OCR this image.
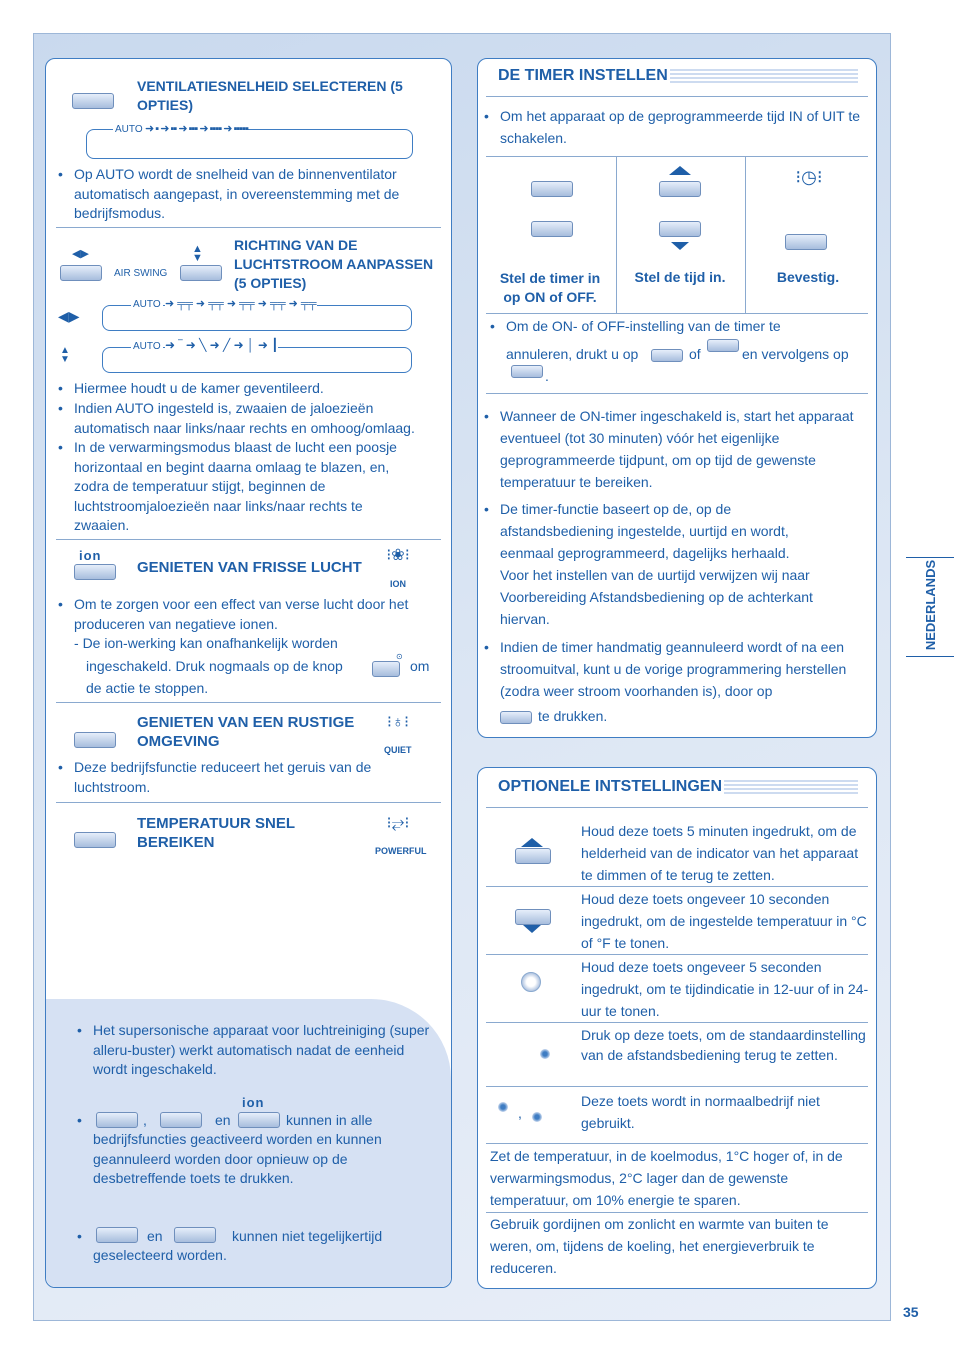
NEDERLANDS
35
VENTILATIESNELHEID SELECTEREN (5 OPTIES)
AUTO ➜ ▪ ➜ ▪▪ ➜ ▪▪▪ ➜ ▪▪▪▪ ➜ ▪▪▪▪▪
• Op AUTO wordt de snelheid van de binnenventilator automatisch aangepast, in overeenstemming met de bedrijfsmodus.
◀▶
AIR SWING
▲
▼
RICHTING VAN DE LUCHTSTROOM AANPASSEN (5 OPTIES)
◀▶
AUTO ➜ ╤╤ ➜ ╤╤ ➜ ╤╤ ➜ ╤╤ ➜ ╤╤
▲
▼
AUTO ➜ ‾ ➜ ╲ ➜ ╱ ➜ │ ➜ ┃
• Hiermee houdt u de kamer geventileerd.
• Indien AUTO ingesteld is, zwaaien de jaloezieën automatisch naar links/naar rechts en omhoog/omlaag.
• In de verwarmingsmodus blaast de lucht een poosje horizontaal en begint daarna omlaag te blazen, en, zodra de temperatuur stijgt, beginnen de luchtstroomjaloezieën naar links/naar rechts te zwaaien.
ion
GENIETEN VAN FRISSE LUCHT
⁝❀⁝
ION
• Om te zorgen voor een effect van verse lucht door het produceren van negatieve ionen.
- De ion-werking kan onafhankelijk worden
ingeschakeld. Druk nogmaals op de knop
⊙
om
de actie te stoppen.
GENIETEN VAN EEN RUSTIGE OMGEVING
⁝♁⁝
QUIET
• Deze bedrijfsfunctie reduceert het geruis van de luchtstroom.
TEMPERATUUR SNEL BEREIKEN
⁝⥂⁝
POWERFUL
• Het supersonische apparaat voor luchtreiniging (super alleru-buster) werkt automatisch nadat de eenheid wordt ingeschakeld.
ion
•	,	en	kunnen in alle
bedrijfsfuncties geactiveerd worden en kunnen geannuleerd worden door opnieuw op de desbetreffende toets te drukken.
•	en	kunnen niet tegelijkertijd
geselecteerd worden.
DE TIMER INSTELLEN
• Om het apparaat op de geprogrammeerde tijd IN of UIT te schakelen.
Stel de timer in op ON of OFF.
Stel de tijd in.
⁝◷⁝
Bevestig.
• Om de ON- of OFF-instelling van de timer te
annuleren, drukt u op	of	en vervolgens op
.
• Wanneer de ON-timer ingeschakeld is, start het apparaat eventueel (tot 30 minuten) vóór het eigenlijke geprogrammeerde tijdpunt, om op tijd de gewenste temperatuur te bereiken.
• De timer-functie baseert op de, op de afstandsbediening ingestelde, uurtijd en wordt, eenmaal geprogrammeerd, dagelijks herhaald.
Voor het instellen van de uurtijd verwijzen wij naar Voorbereiding Afstandsbediening op de achterkant hiervan.
• Indien de timer handmatig geannuleerd wordt of na een stroomuitval, kunt u de vorige programmering herstellen (zodra weer stroom voorhanden is), door op
te drukken.
OPTIONELE INTSTELLINGEN
Houd deze toets 5 minuten ingedrukt, om de helderheid van de indicator van het apparaat te dimmen of te terug te zetten.
Houd deze toets ongeveer 10 seconden ingedrukt, om de ingestelde temperatuur in °C of °F te tonen.
Houd deze toets ongeveer 5 seconden ingedrukt, om te tijdindicatie in 12-uur of in 24-uur te tonen.
Druk op deze toets, om de standaardinstelling van de afstandsbediening terug te zetten.
,
Deze toets wordt in normaalbedrijf niet gebruikt.
Zet de temperatuur, in de koelmodus, 1°C hoger of, in de verwarmingsmodus, 2°C lager dan de gewenste temperatuur, om 10% energie te sparen.
Gebruik gordijnen om zonlicht en warmte van buiten te weren, om, tijdens de koeling, het energieverbruik te reduceren.
